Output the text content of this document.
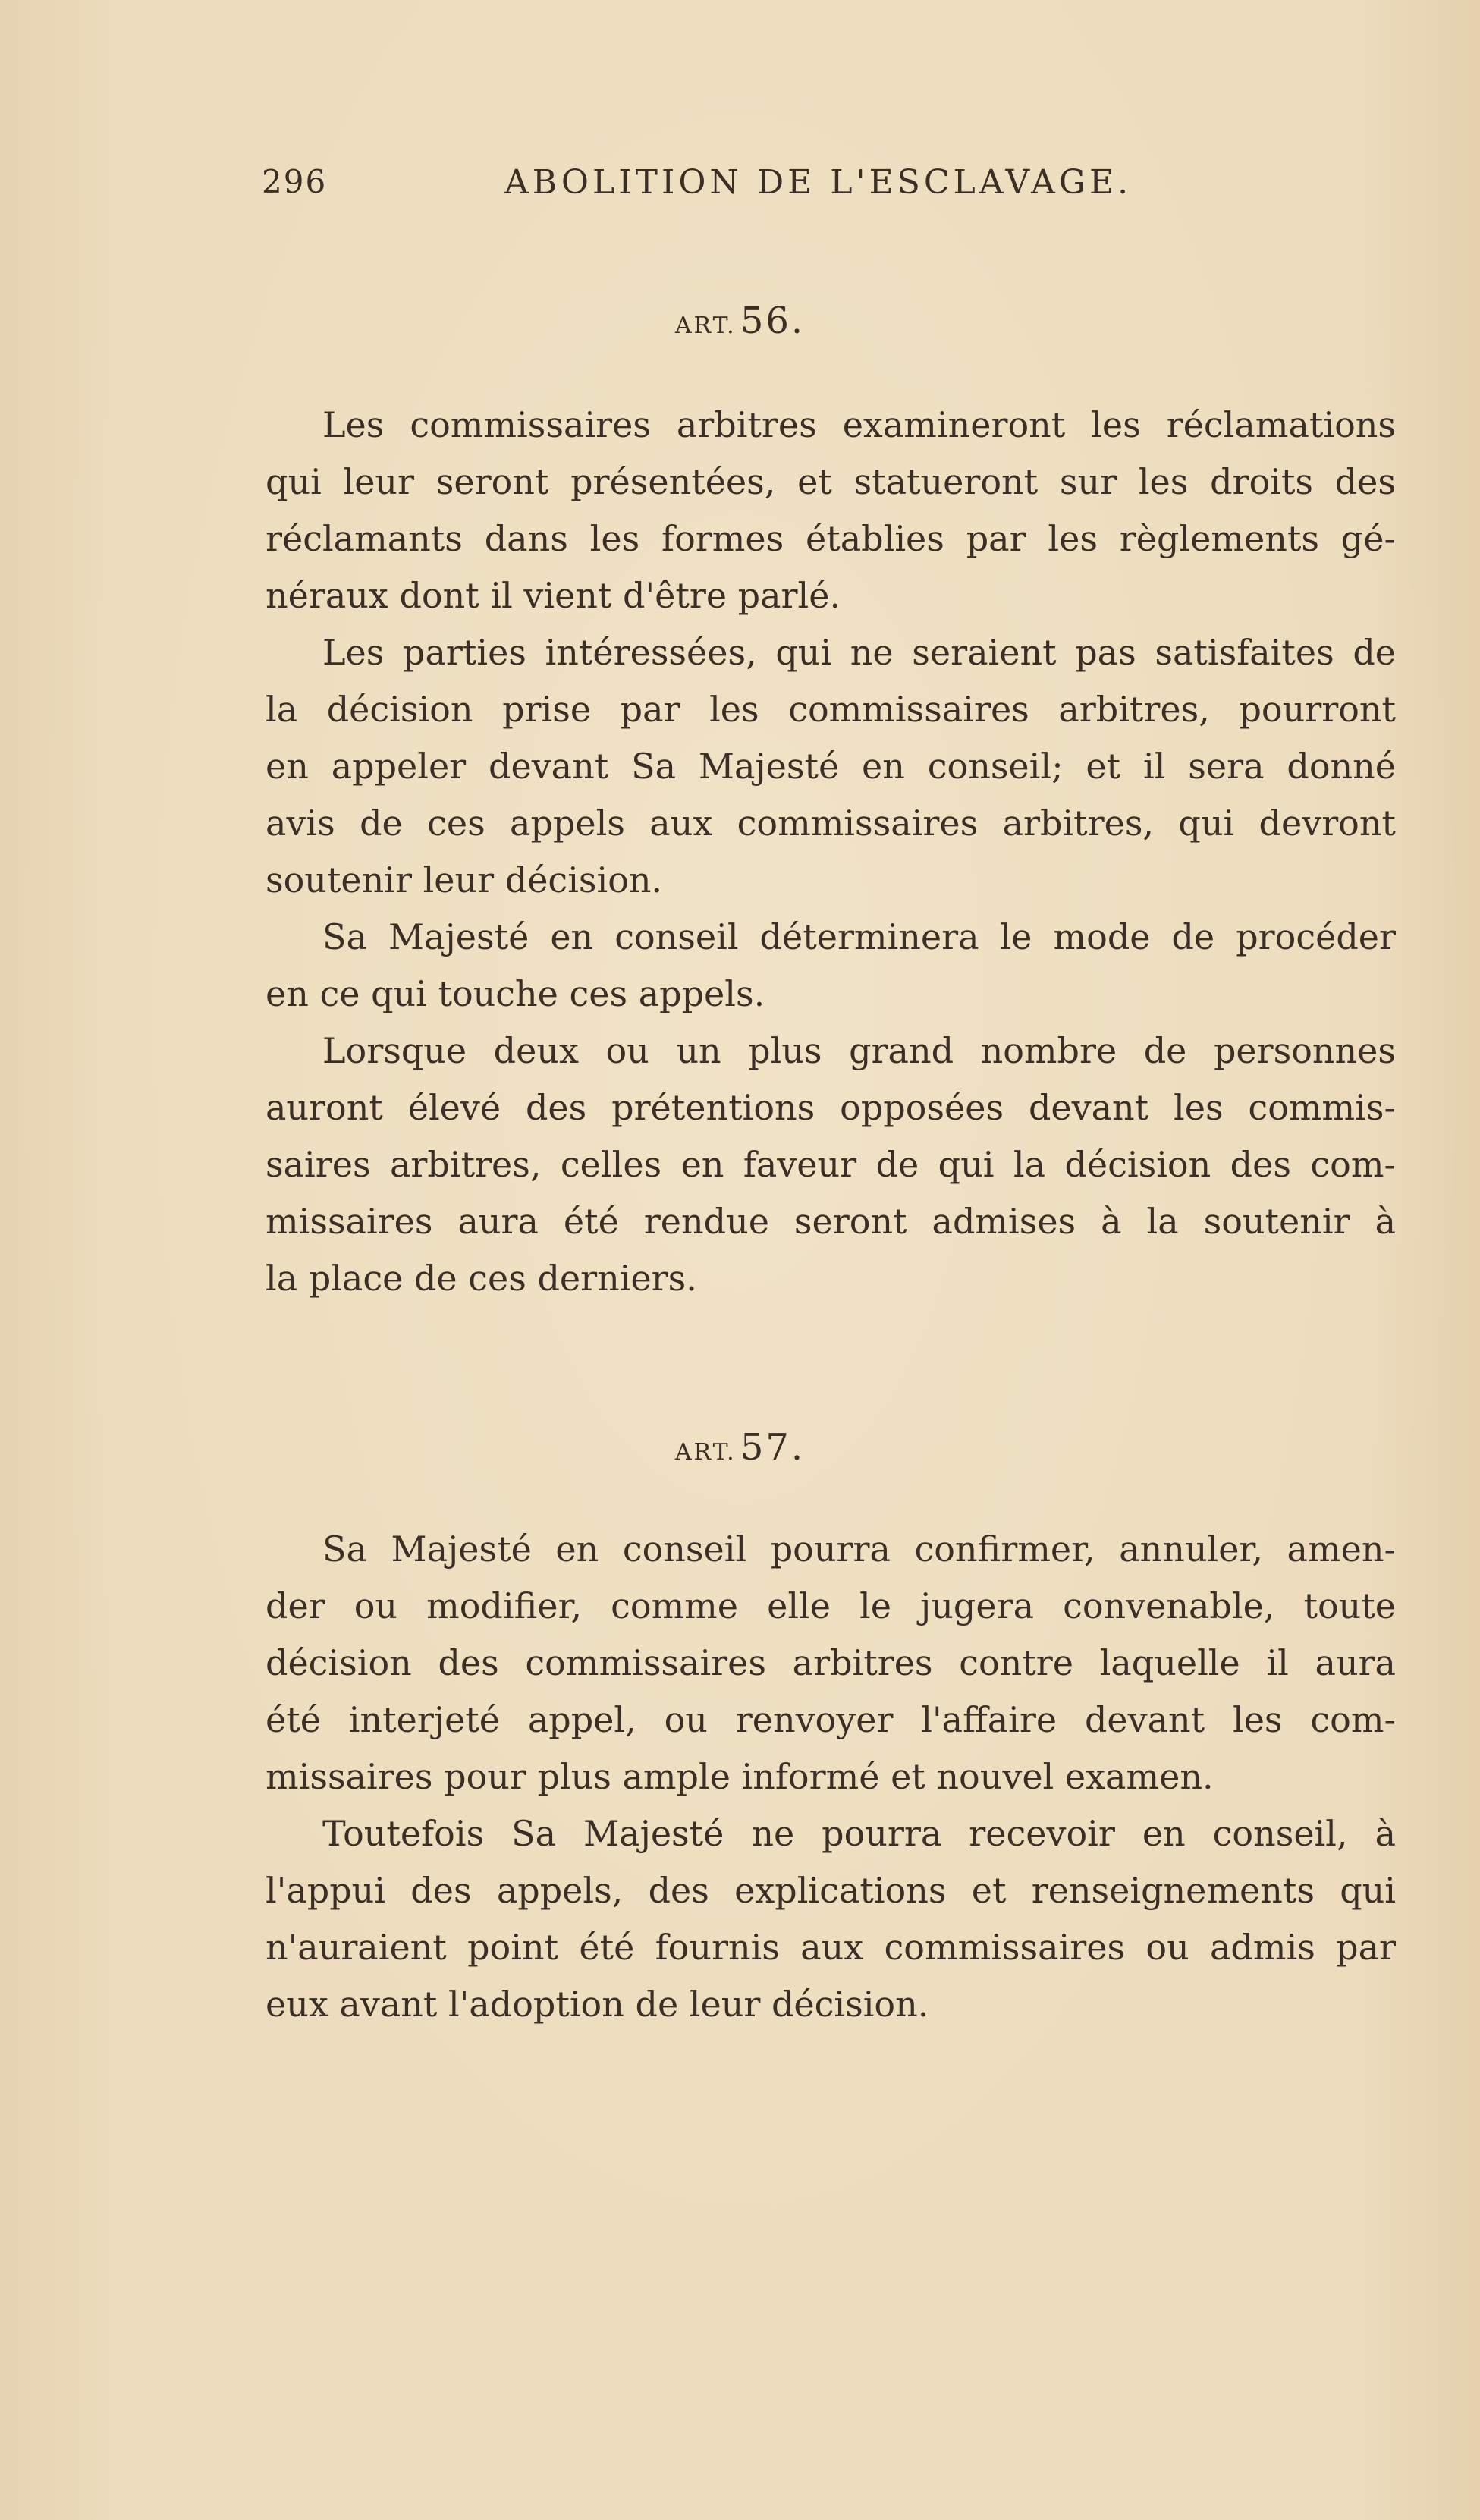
296	ABOLITION DE L'ESCLAVAGE.
ART. 56.
Les commissaires arbitres examineront les réclamations
qui leur seront présentées, et statueront sur les droits des
réclamants dans les formes établies par les règlements gé-
néraux dont il vient d'être parlé.
Les parties intéressées, qui ne seraient pas satisfaites de
la décision prise par les commissaires arbitres, pourront
en appeler devant Sa Majesté en conseil; et il sera donné
avis de ces appels aux commissaires arbitres, qui devront
soutenir leur décision.
Sa Majesté en conseil déterminera le mode de procéder
en ce qui touche ces appels.
Lorsque deux ou un plus grand nombre de personnes
auront élevé des prétentions opposées devant les commis-
saires arbitres, celles en faveur de qui la décision des com-
missaires aura été rendue seront admises à la soutenir à
la place de ces derniers.
ART. 57.
Sa Majesté en conseil pourra confirmer, annuler, amen-
der ou modifier, comme elle le jugera convenable, toute
décision des commissaires arbitres contre laquelle il aura
été interjeté appel, ou renvoyer l'affaire devant les com-
missaires pour plus ample informé et nouvel examen.
Toutefois Sa Majesté ne pourra recevoir en conseil, à
l'appui des appels, des explications et renseignements qui
n'auraient point été fournis aux commissaires ou admis par
eux avant l'adoption de leur décision.
